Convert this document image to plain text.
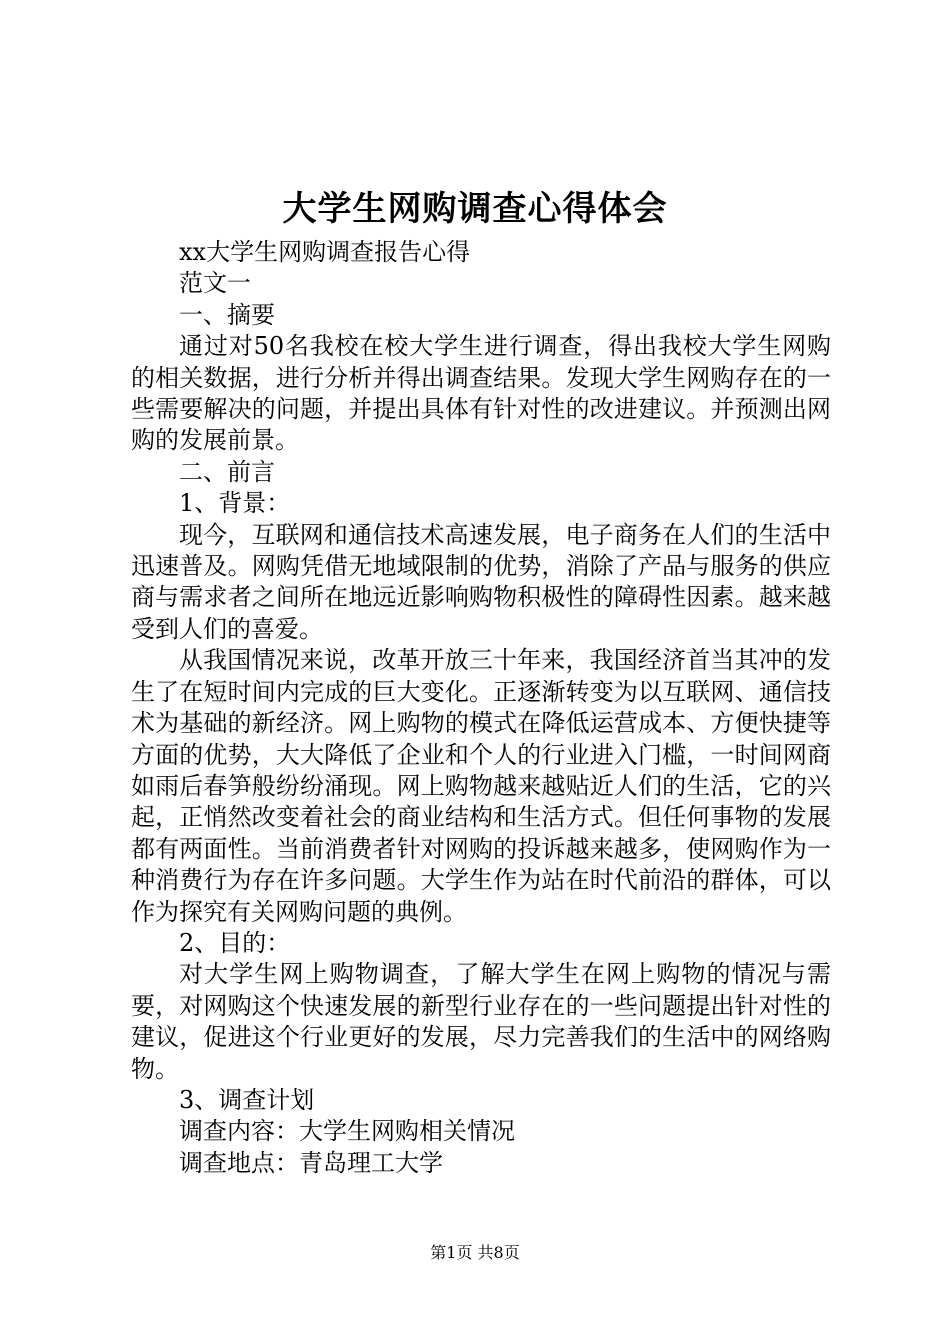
大学生网购调查心得体会

xx大学生网购调查报告心得

范文一

一、摘要

通过对50名我校在校大学生进行调查，得出我校大学生网购的相关数据，进行分析并得出调查结果。发现大学生网购存在的一些需要解决的问题，并提出具体有针对性的改进建议。并预测出网购的发展前景。

二、前言

1、背景：

现今，互联网和通信技术高速发展，电子商务在人们的生活中迅速普及。网购凭借无地域限制的优势，消除了产品与服务的供应商与需求者之间所在地远近影响购物积极性的障碍性因素。越来越受到人们的喜爱。

从我国情况来说，改革开放三十年来，我国经济首当其冲的发生了在短时间内完成的巨大变化。正逐渐转变为以互联网、通信技术为基础的新经济。网上购物的模式在降低运营成本、方便快捷等方面的优势，大大降低了企业和个人的行业进入门槛，一时间网商如雨后春笋般纷纷涌现。网上购物越来越贴近人们的生活，它的兴起，正悄然改变着社会的商业结构和生活方式。但任何事物的发展都有两面性。当前消费者针对网购的投诉越来越多，使网购作为一种消费行为存在许多问题。大学生作为站在时代前沿的群体，可以作为探究有关网购问题的典例。

2、目的：

对大学生网上购物调查，了解大学生在网上购物的情况与需要，对网购这个快速发展的新型行业存在的一些问题提出针对性的建议，促进这个行业更好的发展，尽力完善我们的生活中的网络购物。

3、调查计划

调查内容：大学生网购相关情况

调查地点：青岛理工大学

第1页 共8页
